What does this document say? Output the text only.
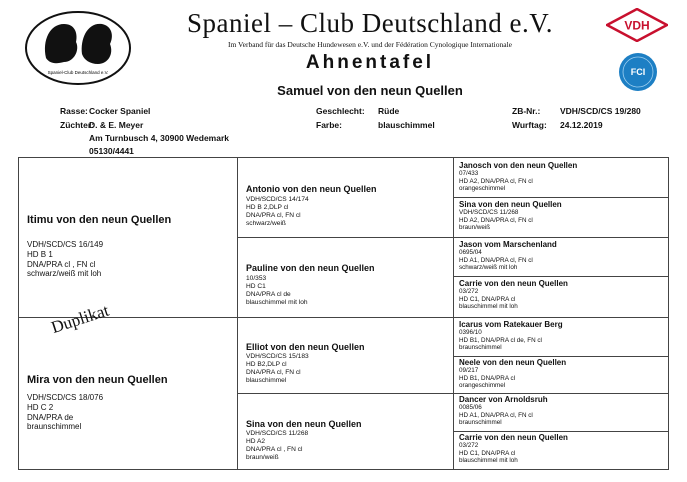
Spaniel-Club Deutschland e.V.
Spaniel – Club Deutschland e.V.
Im Verband für das Deutsche Hundewesen e.V. und der Fédération Cynologique Internationale
Ahnentafel
Samuel von den neun Quellen
VDH
FCI
Rasse: Cocker Spaniel
Züchter:
D. & E. Meyer
Am Turnbusch 4, 30900 Wedemark
05130/4441
Geschlecht: Rüde
Farbe:	blauschimmel
ZB-Nr.: VDH/SCD/CS 19/280
Wurftag: 24.12.2019
Itimu von den neun Quellen
VDH/SCD/CS 16/149
HD B 1
DNA/PRA cl , FN cl
schwarz/weiß mit loh
Mira von den neun Quellen
VDH/SCD/CS 18/076
HD C 2
DNA/PRA de
braunschimmel
Antonio von den neun Quellen
VDH/SCD/CS 14/174
HD B 2,DLP cl
DNA/PRA cl, FN cl
schwarz/weiß
Pauline von den neun Quellen
10/353
HD C1
DNA/PRA cl de
blauschimmel mit loh
Elliot von den neun Quellen
VDH/SCD/CS 15/183
HD B2,DLP cl
DNA/PRA cl, FN cl
blauschimmel
Sina von den neun Quellen
VDH/SCD/CS 11/268
HD A2
DNA/PRA cl , FN cl
braun/weiß
Janosch von den neun Quellen
07/433
HD A2, DNA/PRA cl, FN cl
orangeschimmel
Sina von den neun Quellen
VDH/SCD/CS 11/268
HD A2, DNA/PRA cl, FN cl
braun/weiß
Jason vom Marschenland
0695/04
HD A1, DNA/PRA cl, FN cl
schwarz/weiß mit loh
Carrie von den neun Quellen
03/272
HD C1, DNA/PRA cl
blauschimmel mit loh
Icarus vom Ratekauer Berg
0396/10
HD B1, DNA/PRA cl de, FN cl
braunschimmel
Neele von den neun Quellen
09/217
HD B1, DNA/PRA cl
orangeschimmel
Dancer von Arnoldsruh
0085/06
HD A1, DNA/PRA cl, FN cl
braunschimmel
Carrie von den neun Quellen
03/272
HD C1, DNA/PRA cl
blauschimmel mit loh
Duplikat
